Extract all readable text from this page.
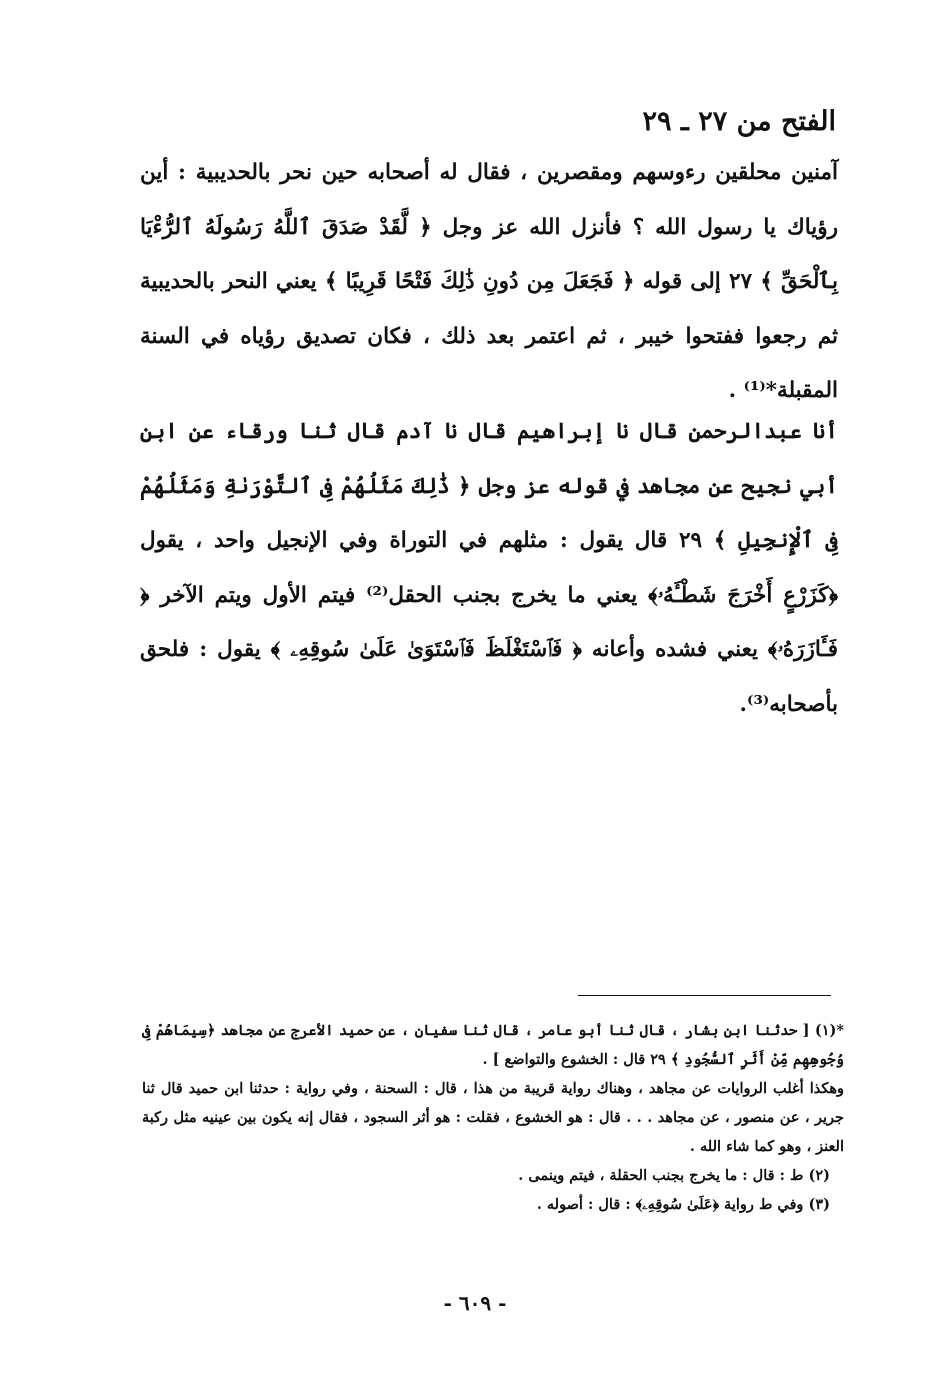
الفتح من ٢٧ ـ ٢٩

آمنين محلقين رءوسهم ومقصرين ، فقال له أصحابه حين نحر بالحديبية : أين رؤياك يا رسول الله ؟ فأنزل الله عز وجل ﴿ لَّقَدْ صَدَقَ ٱللَّهُ رَسُولَهُ ٱلرُّءْيَا بِٱلْحَقِّ ﴾ ٢٧ إلى قوله ﴿ فَجَعَلَ مِن دُونِ ذَٰلِكَ فَتْحًا قَرِيبًا ﴾ يعني النحر بالحديبية ثم رجعوا ففتحوا خيبر ، ثم اعتمر بعد ذلك ، فكان تصديق رؤياه في السنة المقبلة*⁽¹⁾ .

أنا عبدالرحمن قال نا إبراهيم قال نا آدم قال ثنا ورقاء عن ابن أبي نجيح عن مجاهد في قوله عز وجل ﴿ ذَٰلِكَ مَثَلُهُمْ فِى ٱلتَّوْرَىٰةِ وَمَثَلُهُمْ فِى ٱلْإِنجِيلِ ﴾ ٢٩ قال يقول : مثلهم في التوراة وفي الإنجيل واحد ، يقول ﴿كَزَرْعٍ أَخْرَجَ شَطْـَٔهُۥ﴾ يعني ما يخرج بجنب الحقل⁽²⁾ فيتم الأول ويتم الآخر ﴿ فَـَٔازَرَهُۥ﴾ يعني فشده وأعانه ﴿ فَٱسْتَغْلَظَ فَٱسْتَوَىٰ عَلَىٰ سُوقِهِۦ ﴾ يقول : فلحق بأصحابه⁽³⁾.

*(١) [ حدثنا ابن بشار ، قال ثنا أبو عامر ، قال ثنا سفيان ، عن حميد الأعرج عن مجاهد ﴿سِيمَاهُمْ فِى وُجُوهِهِم مِّنْ أَثَرِ ٱلسُّجُودِ ﴾ ٢٩ قال : الخشوع والتواضع ] .

وهكذا أغلب الروايات عن مجاهد ، وهناك رواية قريبة من هذا ، قال : السحنة ، وفي رواية : حدثنا ابن حميد قال ثنا جرير ، عن منصور ، عن مجاهد . . . قال : هو الخشوع ، فقلت : هو أثر السجود ، فقال إنه يكون بين عينيه مثل ركبة العنز ، وهو كما شاء الله .

(٢) ط : قال : ما يخرج بجنب الحقلة ، فيتم وينمى .

(٣) وفي ط رواية ﴿عَلَىٰ سُوقِهِۦ﴾ : قال : أصوله .

- ٦٠٩ -
